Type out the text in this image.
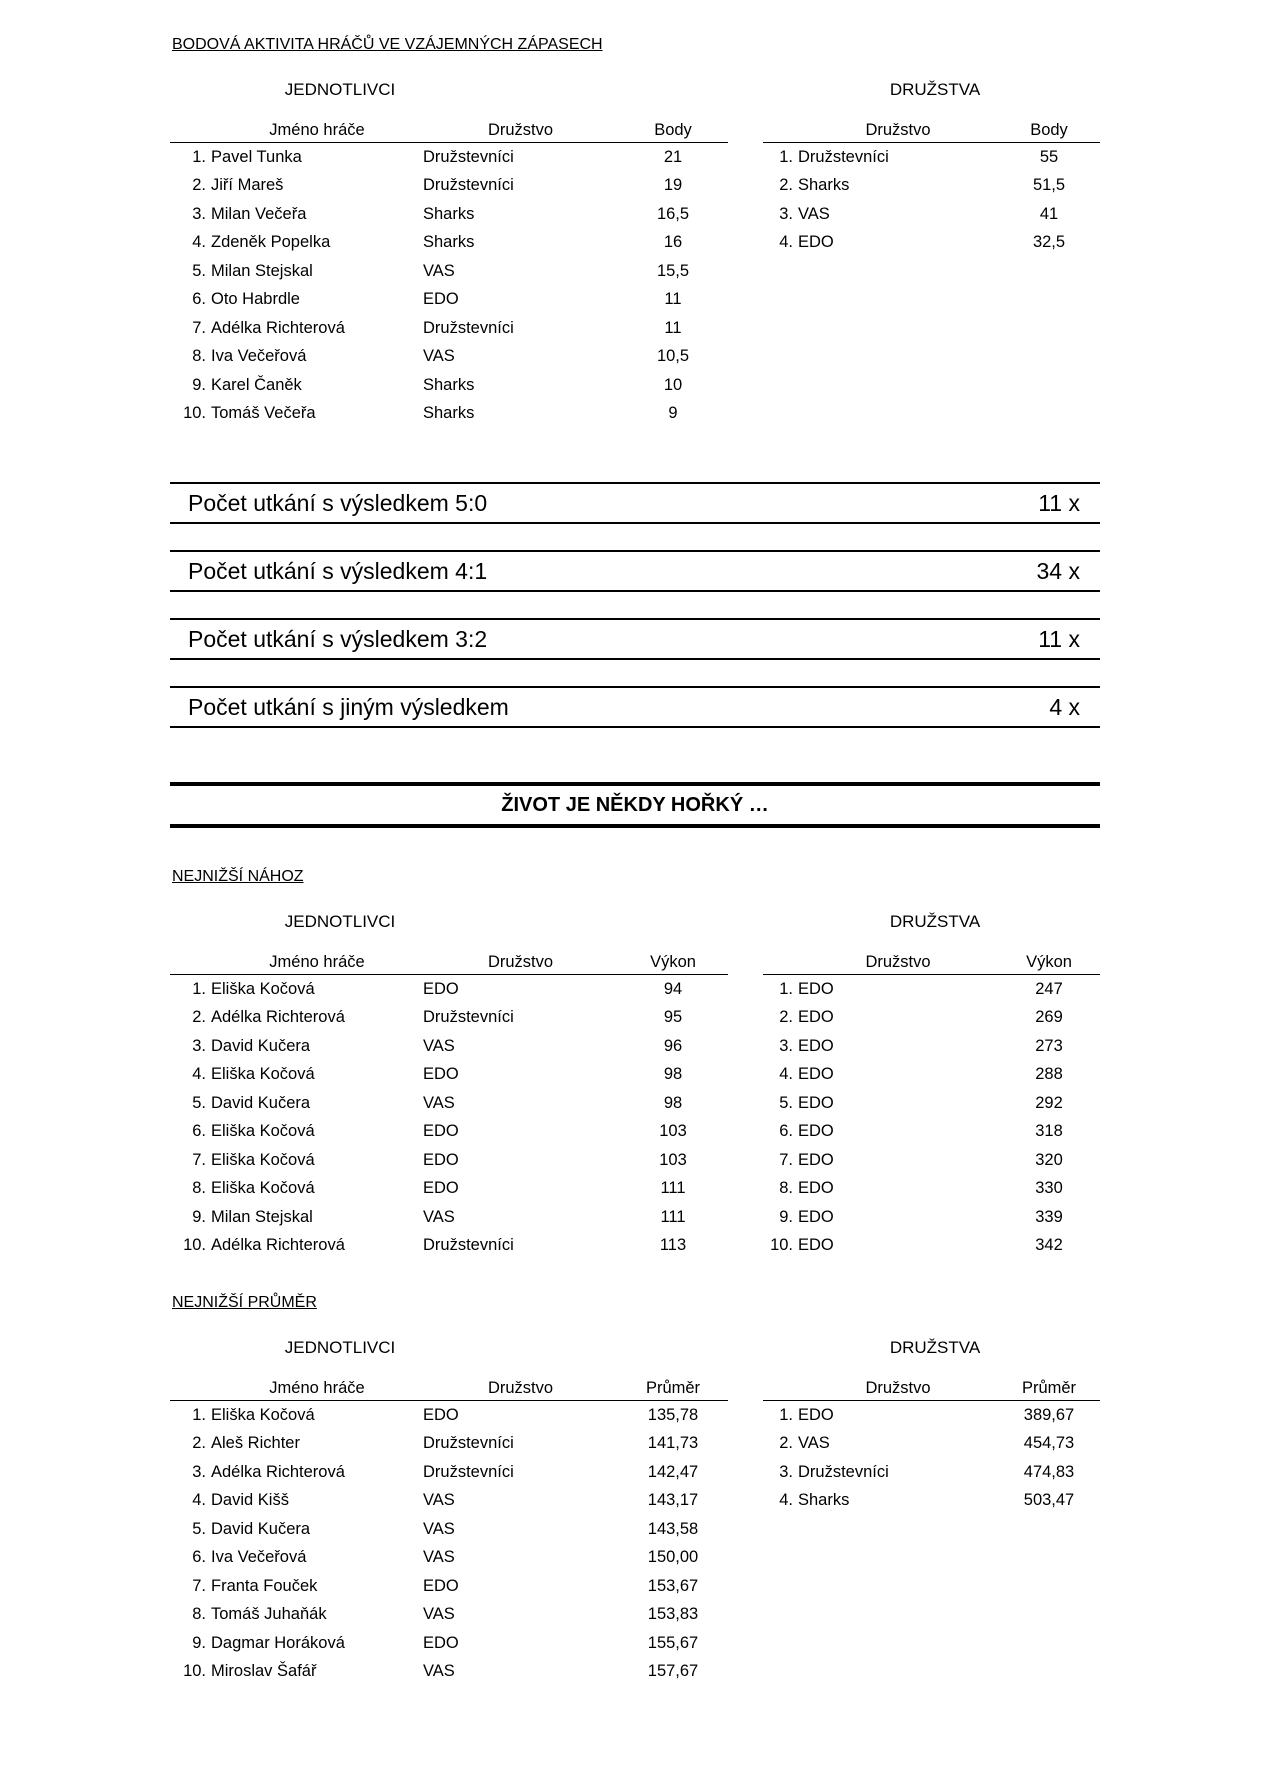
BODOVÁ AKTIVITA HRÁČŮ VE VZÁJEMNÝCH ZÁPASECH
JEDNOTLIVCI	DRUŽSTVA
	Jméno hráče	Družstvo	Body
1.	Pavel Tunka	Družstevníci	21
2.	Jiří Mareš	Družstevníci	19
3.	Milan Večeřa	Sharks	16,5
4.	Zdeněk Popelka	Sharks	16
5.	Milan Stejskal	VAS	15,5
6.	Oto Habrdle	EDO	11
7.	Adélka Richterová	Družstevníci	11
8.	Iva Večeřová	VAS	10,5
9.	Karel Čaněk	Sharks	10
10.	Tomáš Večeřa	Sharks	9
	Družstvo	Body
1.	Družstevníci	55
2.	Sharks	51,5
3.	VAS	41
4.	EDO	32,5
Počet utkání s výsledkem 5:0	11 x
Počet utkání s výsledkem 4:1	34 x
Počet utkání s výsledkem 3:2	11 x
Počet utkání s jiným výsledkem	4 x
ŽIVOT JE NĚKDY HOŘKÝ …
NEJNIŽŠÍ NÁHOZ
JEDNOTLIVCI	DRUŽSTVA
	Jméno hráče	Družstvo	Výkon
1.	Eliška Kočová	EDO	94
2.	Adélka Richterová	Družstevníci	95
3.	David Kučera	VAS	96
4.	Eliška Kočová	EDO	98
5.	David Kučera	VAS	98
6.	Eliška Kočová	EDO	103
7.	Eliška Kočová	EDO	103
8.	Eliška Kočová	EDO	111
9.	Milan Stejskal	VAS	111
10.	Adélka Richterová	Družstevníci	113
	Družstvo	Výkon
1.	EDO	247
2.	EDO	269
3.	EDO	273
4.	EDO	288
5.	EDO	292
6.	EDO	318
7.	EDO	320
8.	EDO	330
9.	EDO	339
10.	EDO	342
NEJNIŽŠÍ PRŮMĚR
JEDNOTLIVCI	DRUŽSTVA
	Jméno hráče	Družstvo	Průměr
1.	Eliška Kočová	EDO	135,78
2.	Aleš Richter	Družstevníci	141,73
3.	Adélka Richterová	Družstevníci	142,47
4.	David Kišš	VAS	143,17
5.	David Kučera	VAS	143,58
6.	Iva Večeřová	VAS	150,00
7.	Franta Fouček	EDO	153,67
8.	Tomáš Juhaňák	VAS	153,83
9.	Dagmar Horáková	EDO	155,67
10.	Miroslav Šafář	VAS	157,67
	Družstvo	Průměr
1.	EDO	389,67
2.	VAS	454,73
3.	Družstevníci	474,83
4.	Sharks	503,47
